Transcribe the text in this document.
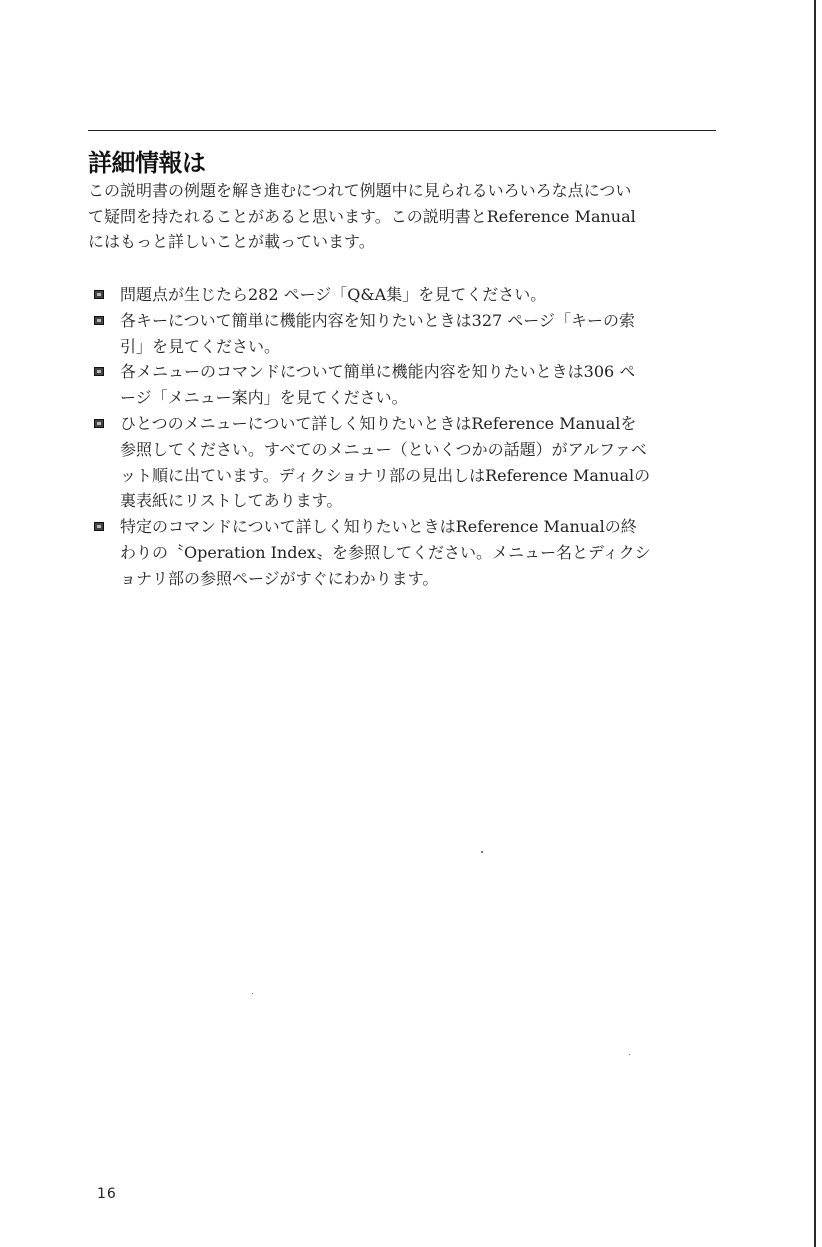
詳細情報は

この説明書の例題を解き進むにつれて例題中に見られるいろいろな点につい

て疑問を持たれることがあると思います。この説明書とReference Manual

にはもっと詳しいことが載っています。

問題点が生じたら282 ページ「Q&A集」を見てください。
各キーについて簡単に機能内容を知りたいときは327 ページ「キーの索
引」を見てください。
各メニューのコマンドについて簡単に機能内容を知りたいときは306 ペ
ージ「メニュー案内」を見てください。
ひとつのメニューについて詳しく知りたいときはReference Manualを
参照してください。すべてのメニュー（といくつかの話題）がアルファベ
ット順に出ています。ディクショナリ部の見出しはReference Manualの
裏表紙にリストしてあります。
特定のコマンドについて詳しく知りたいときはReference Manualの終
わりの〝Operation Index〟を参照してください。メニュー名とディクシ
ョナリ部の参照ページがすぐにわかります。
16
